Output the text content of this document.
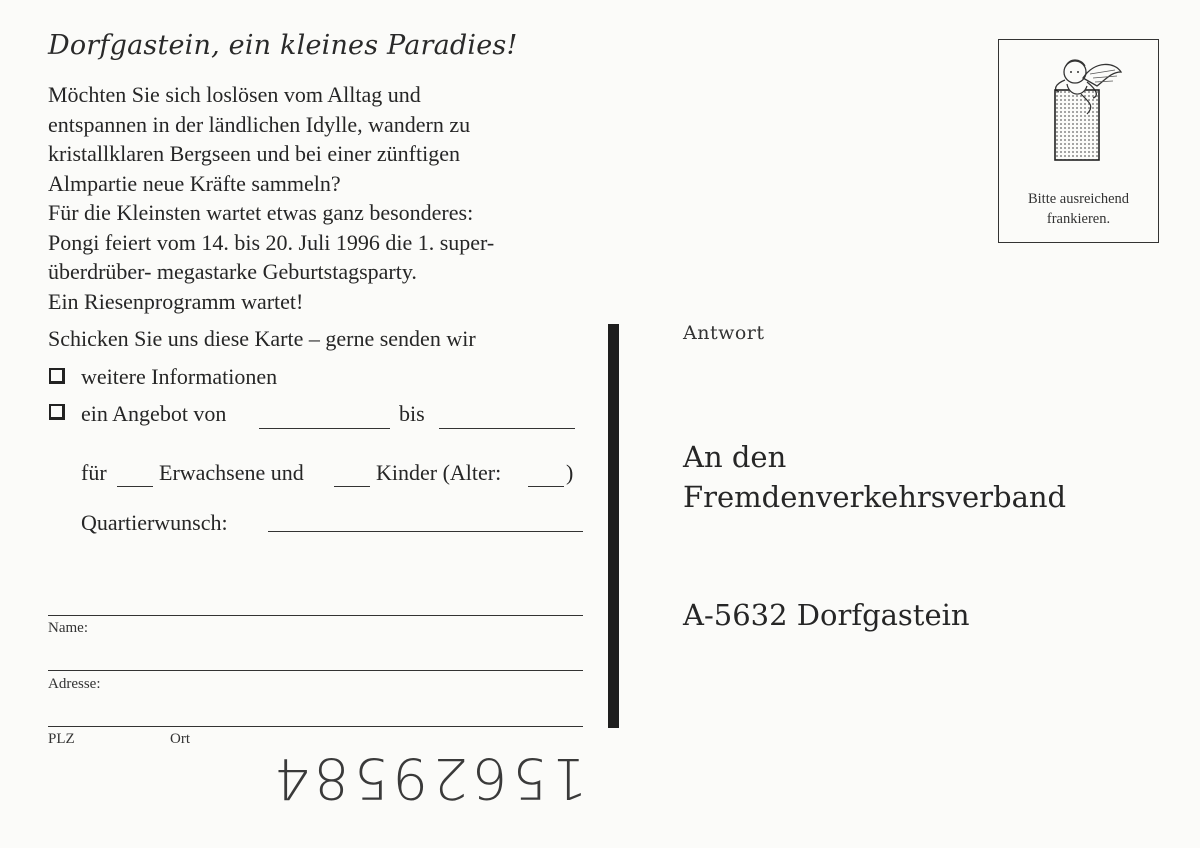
Dorfgastein, ein kleines Paradies!
Möchten Sie sich loslösen vom Alltag und
entspannen in der ländlichen Idylle, wandern zu
kristallklaren Bergseen und bei einer zünftigen
Almpartie neue Kräfte sammeln?
Für die Kleinsten wartet etwas ganz besonderes:
Pongi feiert vom 14. bis 20. Juli 1996 die 1. super-
überdrüber- megastarke Geburtstagsparty.
Ein Riesenprogramm wartet!
Schicken Sie uns diese Karte – gerne senden wir
weitere Informationen
ein Angebot von	bis
für Erwachsene und	Kinder (Alter:	)
Quartierwunsch:
Name:
Adresse:
PLZ	Ort
15629584
Bitte ausreichend
frankieren.
Antwort
An den
Fremdenverkehrsverband
A-5632 Dorfgastein
